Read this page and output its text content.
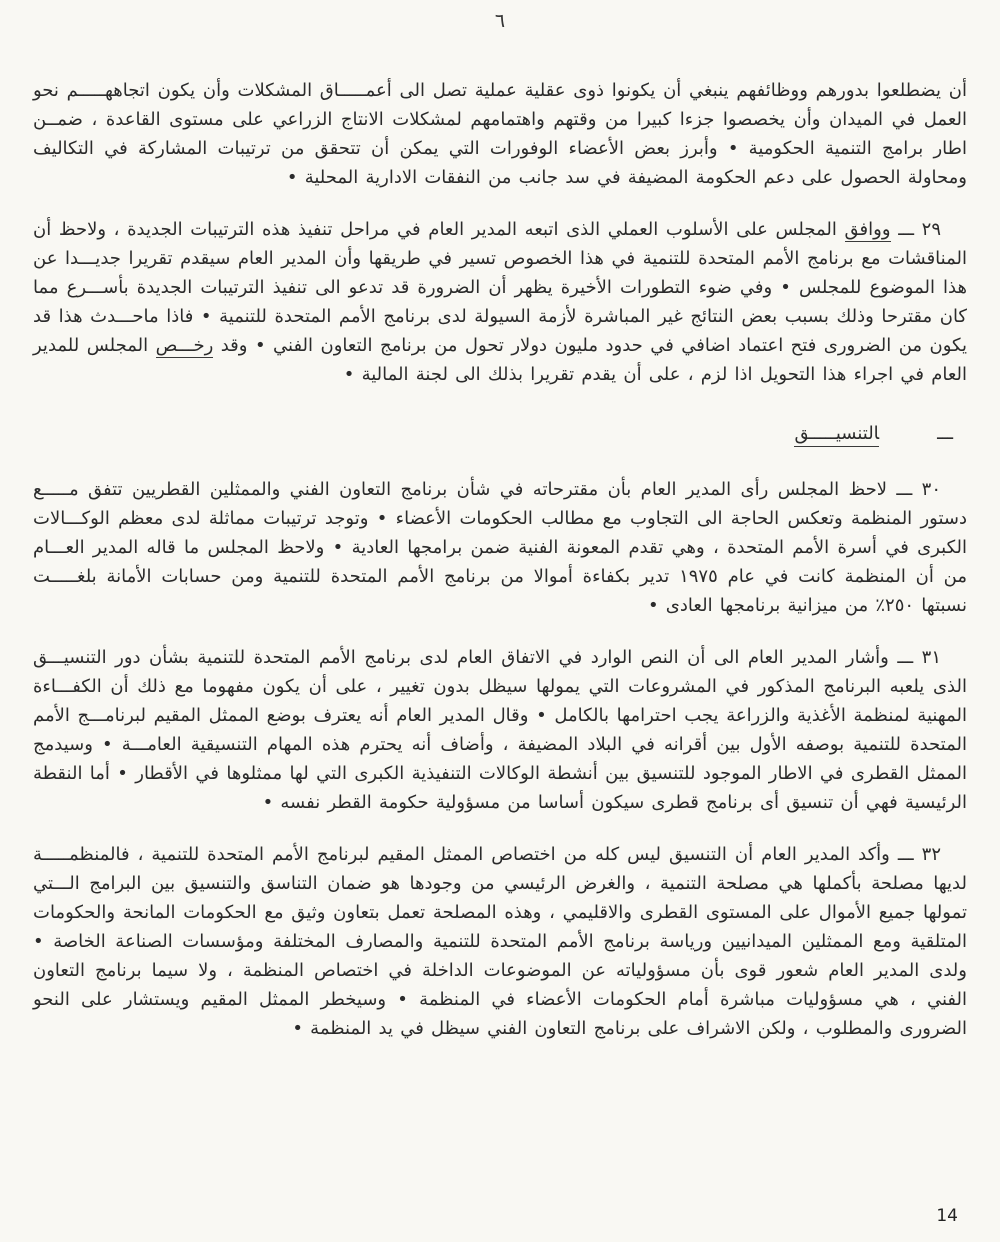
٦

أن يضطلعوا بدورهم ووظائفهم ينبغي أن يكونوا ذوى عقلية عملية تصل الى أعمـــــاق المشكلات وأن يكون اتجاههـــــم نحو العمل في الميدان وأن يخصصوا جزءا كبيرا من وقتهم واهتمامهم لمشكلات الانتاج الزراعي على مستوى القاعدة ، ضمــن اطار برامج التنمية الحكومية • وأبرز بعض الأعضاء الوفورات التي يمكن أن تتحقق من ترتيبات المشاركة في التكاليف ومحاولة الحصول على دعم الحكومة المضيفة في سد جانب من النفقات الادارية المحلية •

٢٩ ـــ ووافق المجلس على الأسلوب العملي الذى اتبعه المدير العام في مراحل تنفيذ هذه الترتيبات الجديدة ، ولاحظ أن المناقشات مع برنامج الأمم المتحدة للتنمية في هذا الخصوص تسير في طريقها وأن المدير العام سيقدم تقريرا جديـــدا عن هذا الموضوع للمجلس • وفي ضوء التطورات الأخيرة يظهر أن الضرورة قد تدعو الى تنفيذ الترتيبات الجديدة بأســـرع مما كان مقترحا وذلك بسبب بعض النتائج غير المباشرة لأزمة السيولة لدى برنامج الأمم المتحدة للتنمية • فاذا ماحـــدث هذا قد يكون من الضرورى فتح اعتماد اضافي في حدود مليون دولار تحول من برنامج التعاون الفني • وقد رخـــص المجلس للمدير العام في اجراء هذا التحويل اذا لزم ، على أن يقدم تقريرا بذلك الى لجنة المالية •

ـــالتنسيـــــق

٣٠ ـــ لاحظ المجلس رأى المدير العام بأن مقترحاته في شأن برنامج التعاون الفني والممثلين القطريين تتفق مـــــع دستور المنظمة وتعكس الحاجة الى التجاوب مع مطالب الحكومات الأعضاء • وتوجد ترتيبات مماثلة لدى معظم الوكـــالات الكبرى في أسرة الأمم المتحدة ، وهي تقدم المعونة الفنية ضمن برامجها العادية • ولاحظ المجلس ما قاله المدير العـــام من أن المنظمة كانت في عام ١٩٧٥ تدير بكفاءة أموالا من برنامج الأمم المتحدة للتنمية ومن حسابات الأمانة بلغـــــت نسبتها ٢٥٠٪ من ميزانية برنامجها العادى •

٣١ ـــ وأشار المدير العام الى أن النص الوارد في الاتفاق العام لدى برنامج الأمم المتحدة للتنمية بشأن دور التنسيـــق الذى يلعبه البرنامج المذكور في المشروعات التي يمولها سيظل بدون تغيير ، على أن يكون مفهوما مع ذلك أن الكفـــاءة المهنية لمنظمة الأغذية والزراعة يجب احترامها بالكامل • وقال المدير العام أنه يعترف بوضع الممثل المقيم لبرنامـــج الأمم المتحدة للتنمية بوصفه الأول بين أقرانه في البلاد المضيفة ، وأضاف أنه يحترم هذه المهام التنسيقية العامـــة • وسيدمج الممثل القطرى في الاطار الموجود للتنسيق بين أنشطة الوكالات التنفيذية الكبرى التي لها ممثلوها في الأقطار • أما النقطة الرئيسية فهي أن تنسيق أى برنامج قطرى سيكون أساسا من مسؤولية حكومة القطر نفسه •

٣٢ ـــ وأكد المدير العام أن التنسيق ليس كله من اختصاص الممثل المقيم لبرنامج الأمم المتحدة للتنمية ، فالمنظمـــــة لديها مصلحة بأكملها هي مصلحة التنمية ، والغرض الرئيسي من وجودها هو ضمان التناسق والتنسيق بين البرامج الـــتي تمولها جميع الأموال على المستوى القطرى والاقليمي ، وهذه المصلحة تعمل بتعاون وثيق مع الحكومات المانحة والحكومات المتلقية ومع الممثلين الميدانيين ورياسة برنامج الأمم المتحدة للتنمية والمصارف المختلفة ومؤسسات الصناعة الخاصة • ولدى المدير العام شعور قوى بأن مسؤولياته عن الموضوعات الداخلة في اختصاص المنظمة ، ولا سيما برنامج التعاون الفني ، هي مسؤوليات مباشرة أمام الحكومات الأعضاء في المنظمة • وسيخطر الممثل المقيم ويستشار على النحو الضرورى والمطلوب ، ولكن الاشراف على برنامج التعاون الفني سيظل في يد المنظمة •

14
